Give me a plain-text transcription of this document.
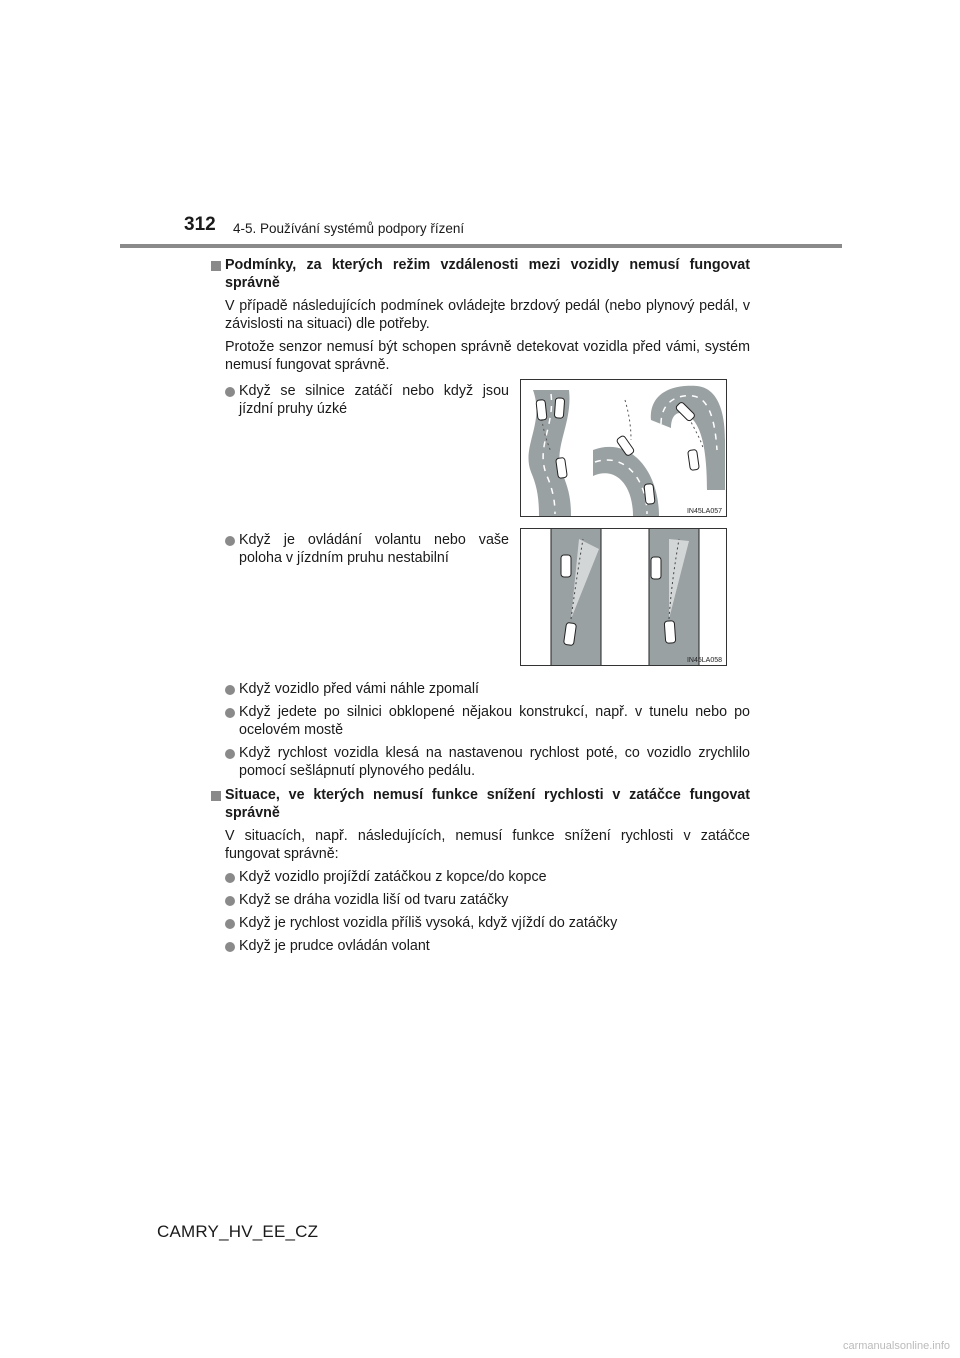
312 4-5. Používání systémů podpory řízení
Podmínky, za kterých režim vzdálenosti mezi vozidly nemusí fungovat správně
V případě následujících podmínek ovládejte brzdový pedál (nebo plynový pedál, v závislosti na situaci) dle potřeby.
Protože senzor nemusí být schopen správně detekovat vozidla před vámi, systém nemusí fungovat správně.
Když se silnice zatáčí nebo když jsou jízdní pruhy úzké
Když je ovládání volantu nebo vaše poloha v jízdním pruhu nestabilní
Když vozidlo před vámi náhle zpomalí
Když jedete po silnici obklopené nějakou konstrukcí, např. v tunelu nebo po ocelovém mostě
Když rychlost vozidla klesá na nastavenou rychlost poté, co vozidlo zrychlilo pomocí sešlápnutí plynového pedálu.
Situace, ve kterých nemusí funkce snížení rychlosti v zatáčce fungovat správně
V situacích, např. následujících, nemusí funkce snížení rychlosti v zatáčce fungovat správně:
Když vozidlo projíždí zatáčkou z kopce/do kopce
Když se dráha vozidla liší od tvaru zatáčky
Když je rychlost vozidla příliš vysoká, když vjíždí do zatáčky
Když je prudce ovládán volant
IN45LA057
IN45LA058
CAMRY_HV_EE_CZ
carmanualsonline.info
